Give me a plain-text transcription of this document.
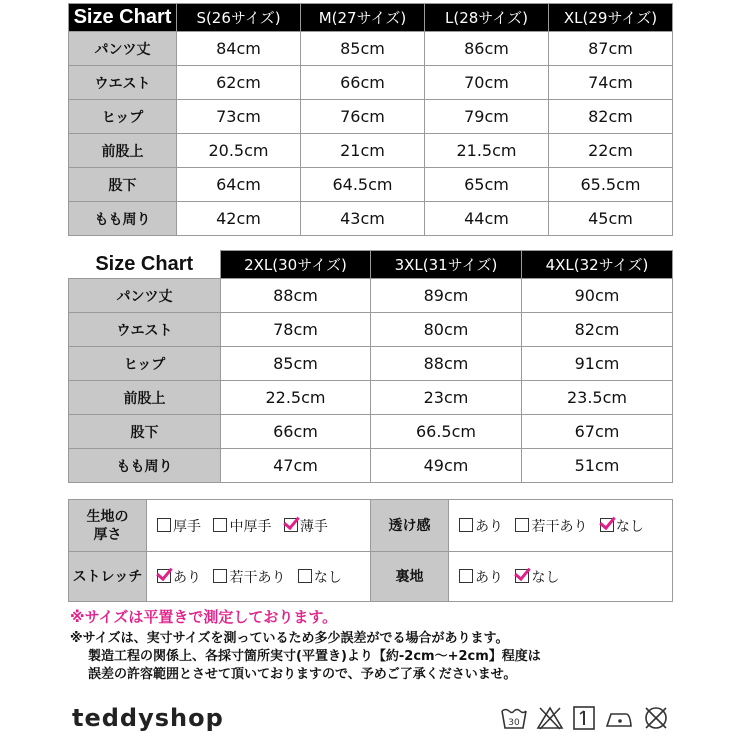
Size Chart	S(26サイズ)	M(27サイズ)	L(28サイズ)	XL(29サイズ)
パンツ丈	84cm	85cm	86cm	87cm
ウエスト	62cm	66cm	70cm	74cm
ヒップ	73cm	76cm	79cm	82cm
前股上	20.5cm	21cm	21.5cm	22cm
股下	64cm	64.5cm	65cm	65.5cm
もも周り	42cm	43cm	44cm	45cm
Size Chart	2XL(30サイズ)	3XL(31サイズ)	4XL(32サイズ)
パンツ丈	88cm	89cm	90cm
ウエスト	78cm	80cm	82cm
ヒップ	85cm	88cm	91cm
前股上	22.5cm	23cm	23.5cm
股下	66cm	66.5cm	67cm
もも周り	47cm	49cm	51cm
生地の
厚さ	厚手 中厚手 薄手	透け感	あり 若干あり なし
ストレッチ	あり 若干あり なし	裏地	あり なし
※サイズは平置きで測定しております。
※サイズは、実寸サイズを測っているため多少誤差がでる場合があります。
製造工程の関係上、各採寸箇所実寸(平置き)より【約-2cm〜+2cm】程度は
誤差の許容範囲とさせて頂いておりますので、予めご了承くださいませ。
teddyshop	30
